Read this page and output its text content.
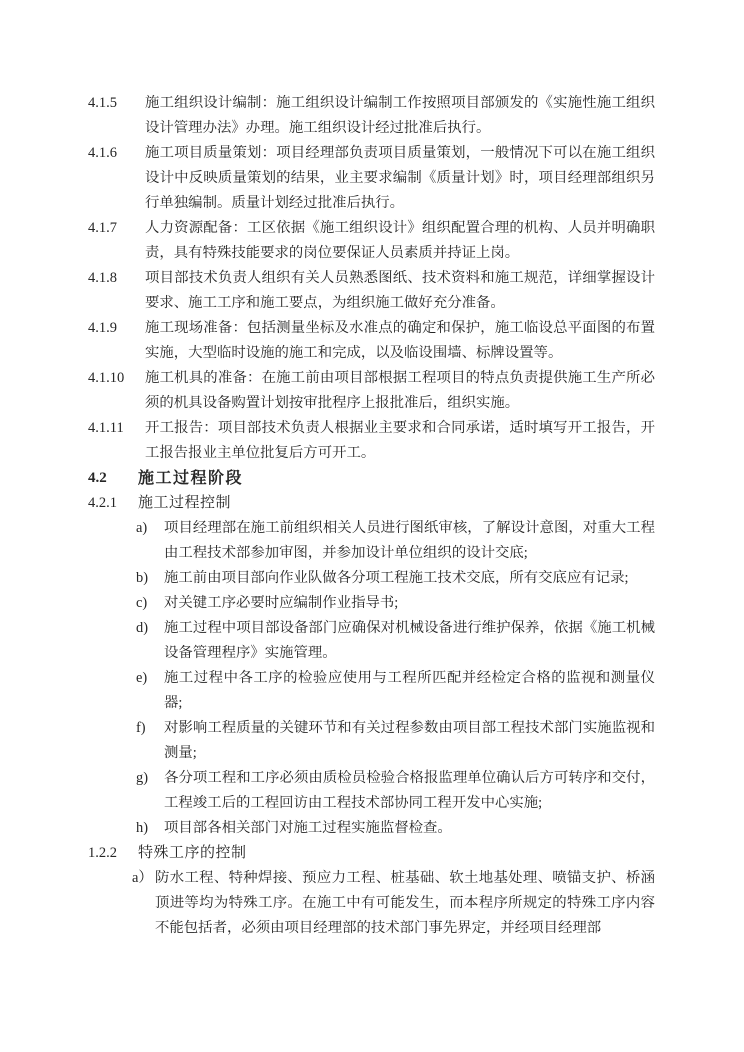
4.1.5	施工组织设计编制：施工组织设计编制工作按照项目部颁发的《实施性施工组织设计管理办法》办理。施工组织设计经过批准后执行。
4.1.6	施工项目质量策划：项目经理部负责项目质量策划，一般情况下可以在施工组织设计中反映质量策划的结果，业主要求编制《质量计划》时，项目经理部组织另行单独编制。质量计划经过批准后执行。
4.1.7	人力资源配备：工区依据《施工组织设计》组织配置合理的机构、人员并明确职责，具有特殊技能要求的岗位要保证人员素质并持证上岗。
4.1.8	项目部技术负责人组织有关人员熟悉图纸、技术资料和施工规范，详细掌握设计要求、施工工序和施工要点，为组织施工做好充分准备。
4.1.9	施工现场准备：包括测量坐标及水准点的确定和保护，施工临设总平面图的布置实施，大型临时设施的施工和完成，以及临设围墙、标牌设置等。
4.1.10	施工机具的准备：在施工前由项目部根据工程项目的特点负责提供施工生产所必须的机具设备购置计划按审批程序上报批准后，组织实施。
4.1.11	开工报告：项目部技术负责人根据业主要求和合同承诺，适时填写开工报告，开工报告报业主单位批复后方可开工。
4.2	施工过程阶段
4.2.1	施工过程控制
a)	项目经理部在施工前组织相关人员进行图纸审核，了解设计意图，对重大工程由工程技术部参加审图，并参加设计单位组织的设计交底;
b)	施工前由项目部向作业队做各分项工程施工技术交底，所有交底应有记录;
c)	对关键工序必要时应编制作业指导书;
d)	施工过程中项目部设备部门应确保对机械设备进行维护保养，依据《施工机械设备管理程序》实施管理。
e)	施工过程中各工序的检验应使用与工程所匹配并经检定合格的监视和测量仪器;
f)	对影响工程质量的关键环节和有关过程参数由项目部工程技术部门实施监视和测量;
g)	各分项工程和工序必须由质检员检验合格报监理单位确认后方可转序和交付，工程竣工后的工程回访由工程技术部协同工程开发中心实施;
h)	项目部各相关部门对施工过程实施监督检查。
1.2.2	特殊工序的控制
a） 防水工程、特种焊接、预应力工程、桩基础、软土地基处理、喷锚支护、桥涵顶进等均为特殊工序。在施工中有可能发生，而本程序所规定的特殊工序内容不能包括者，必须由项目经理部的技术部门事先界定，并经项目经理部
